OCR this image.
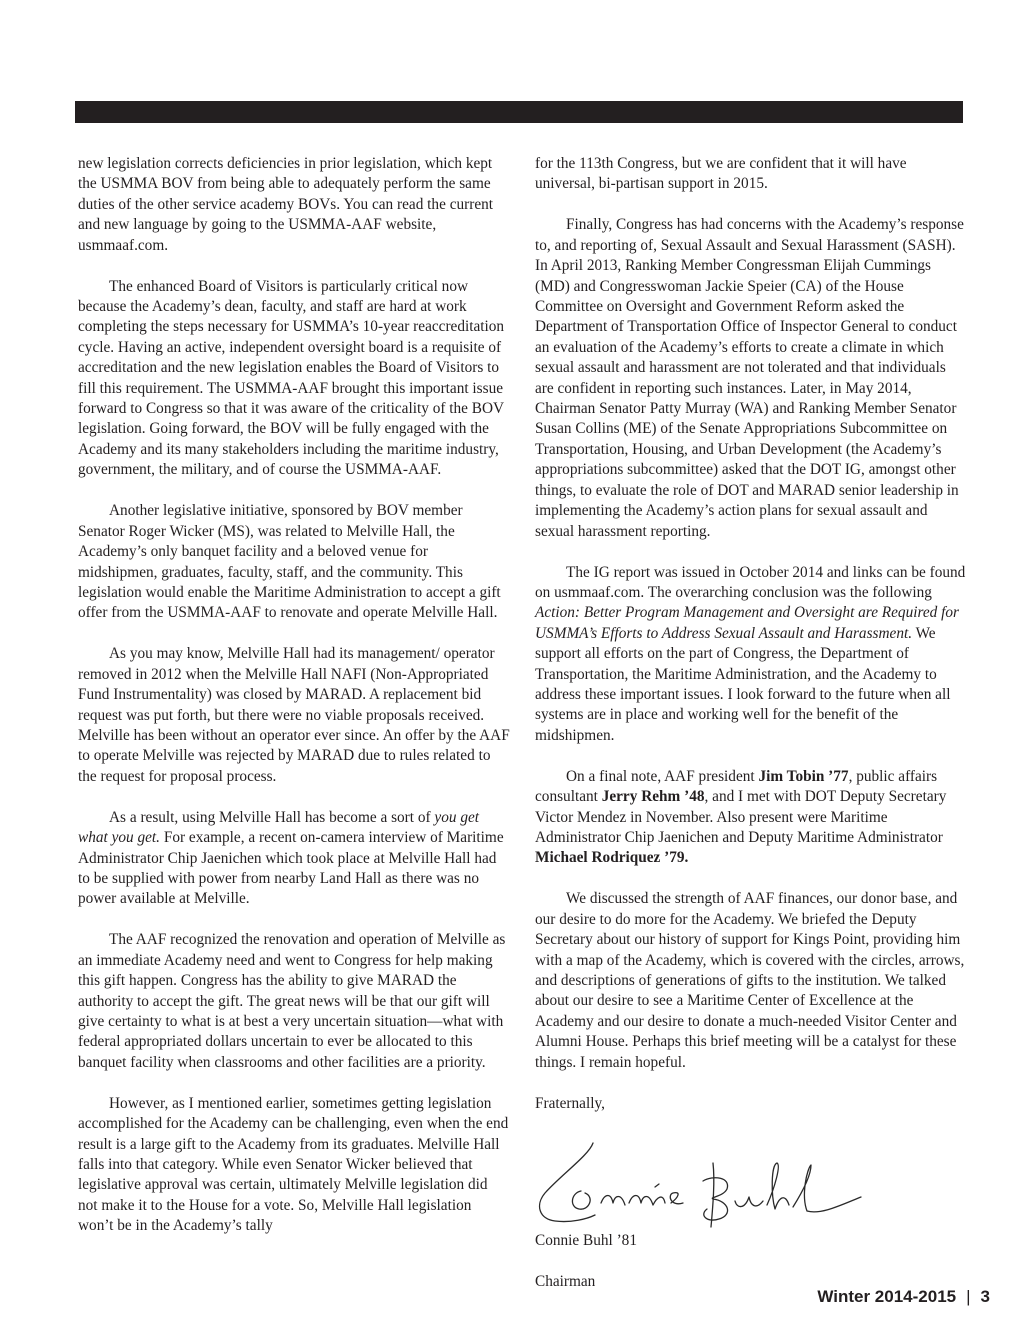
new legislation corrects deficiencies in prior legislation, which kept the USMMA BOV from being able to adequately perform the same duties of the other service academy BOVs. You can read the current and new language by going to the USMMA-AAF website, usmmaaf.com.

The enhanced Board of Visitors is particularly critical now because the Academy’s dean, faculty, and staff are hard at work completing the steps necessary for USMMA’s 10-year reaccreditation cycle. Having an active, independent oversight board is a requisite of accreditation and the new legislation enables the Board of Visitors to fill this requirement. The USMMA-AAF brought this important issue forward to Congress so that it was aware of the criticality of the BOV legislation. Going forward, the BOV will be fully engaged with the Academy and its many stakeholders including the maritime industry, government, the military, and of course the USMMA-AAF.

Another legislative initiative, sponsored by BOV member Senator Roger Wicker (MS), was related to Melville Hall, the Academy’s only banquet facility and a beloved venue for midshipmen, graduates, faculty, staff, and the community. This legislation would enable the Maritime Administration to accept a gift offer from the USMMA-AAF to renovate and operate Melville Hall.

As you may know, Melville Hall had its management/ operator removed in 2012 when the Melville Hall NAFI (Non-Appropriated Fund Instrumentality) was closed by MARAD. A replacement bid request was put forth, but there were no viable proposals received. Melville has been without an operator ever since. An offer by the AAF to operate Melville was rejected by MARAD due to rules related to the request for proposal process.

As a result, using Melville Hall has become a sort of you get what you get. For example, a recent on-camera interview of Maritime Administrator Chip Jaenichen which took place at Melville Hall had to be supplied with power from nearby Land Hall as there was no power available at Melville.

The AAF recognized the renovation and operation of Melville as an immediate Academy need and went to Congress for help making this gift happen. Congress has the ability to give MARAD the authority to accept the gift. The great news will be that our gift will give certainty to what is at best a very uncertain situation—what with federal appropriated dollars uncertain to ever be allocated to this banquet facility when classrooms and other facilities are a priority.

However, as I mentioned earlier, sometimes getting legislation accomplished for the Academy can be challenging, even when the end result is a large gift to the Academy from its graduates. Melville Hall falls into that category. While even Senator Wicker believed that legislative approval was certain, ultimately Melville legislation did not make it to the House for a vote. So, Melville Hall legislation won’t be in the Academy’s tally

for the 113th Congress, but we are confident that it will have universal, bi-partisan support in 2015.

Finally, Congress has had concerns with the Academy’s response to, and reporting of, Sexual Assault and Sexual Harassment (SASH). In April 2013, Ranking Member Congressman Elijah Cummings (MD) and Congresswoman Jackie Speier (CA) of the House Committee on Oversight and Government Reform asked the Department of Transportation Office of Inspector General to conduct an evaluation of the Academy’s efforts to create a climate in which sexual assault and harassment are not tolerated and that individuals are confident in reporting such instances. Later, in May 2014, Chairman Senator Patty Murray (WA) and Ranking Member Senator Susan Collins (ME) of the Senate Appropriations Subcommittee on Transportation, Housing, and Urban Development (the Academy’s appropriations subcommittee) asked that the DOT IG, amongst other things, to evaluate the role of DOT and MARAD senior leadership in implementing the Academy’s action plans for sexual assault and sexual harassment reporting.

The IG report was issued in October 2014 and links can be found on usmmaaf.com. The overarching conclusion was the following Action: Better Program Management and Oversight are Required for USMMA’s Efforts to Address Sexual Assault and Harassment. We support all efforts on the part of Congress, the Department of Transportation, the Maritime Administration, and the Academy to address these important issues. I look forward to the future when all systems are in place and working well for the benefit of the midshipmen.

On a final note, AAF president Jim Tobin ’77, public affairs consultant Jerry Rehm ’48, and I met with DOT Deputy Secretary Victor Mendez in November. Also present were Maritime Administrator Chip Jaenichen and Deputy Maritime Administrator Michael Rodriquez ’79.

We discussed the strength of AAF finances, our donor base, and our desire to do more for the Academy. We briefed the Deputy Secretary about our history of support for Kings Point, providing him with a map of the Academy, which is covered with the circles, arrows, and descriptions of generations of gifts to the institution. We talked about our desire to see a Maritime Center of Excellence at the Academy and our desire to donate a much-needed Visitor Center and Alumni House. Perhaps this brief meeting will be a catalyst for these things. I remain hopeful.

Fraternally,

Connie Buhl ’81

Chairman

Winter 2014-2015 | 3
